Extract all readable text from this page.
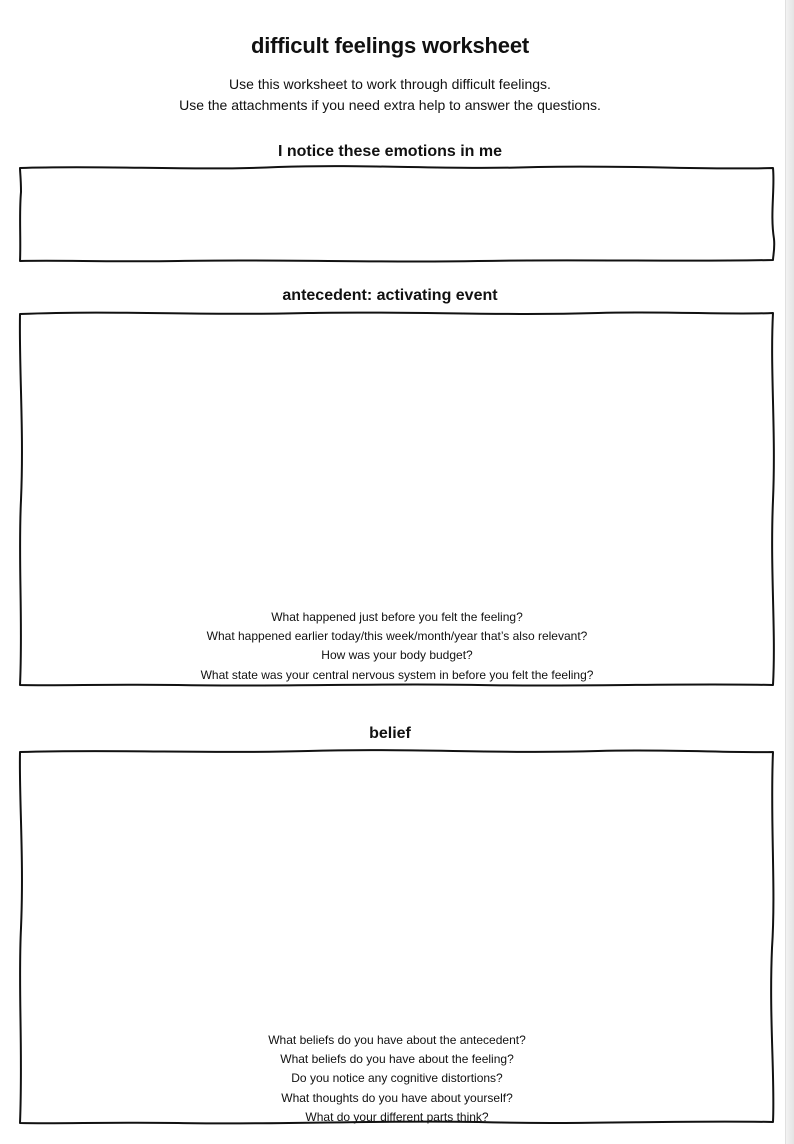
difficult feelings worksheet
Use this worksheet to work through difficult feelings.
Use the attachments if you need extra help to answer the questions.
I notice these emotions in me
antecedent: activating event
What happened just before you felt the feeling?
What happened earlier today/this week/month/year that’s also relevant?
How was your body budget?
What state was your central nervous system in before you felt the feeling?
belief
What beliefs do you have about the antecedent?
What beliefs do you have about the feeling?
Do you notice any cognitive distortions?
What thoughts do you have about yourself?
What do your different parts think?
